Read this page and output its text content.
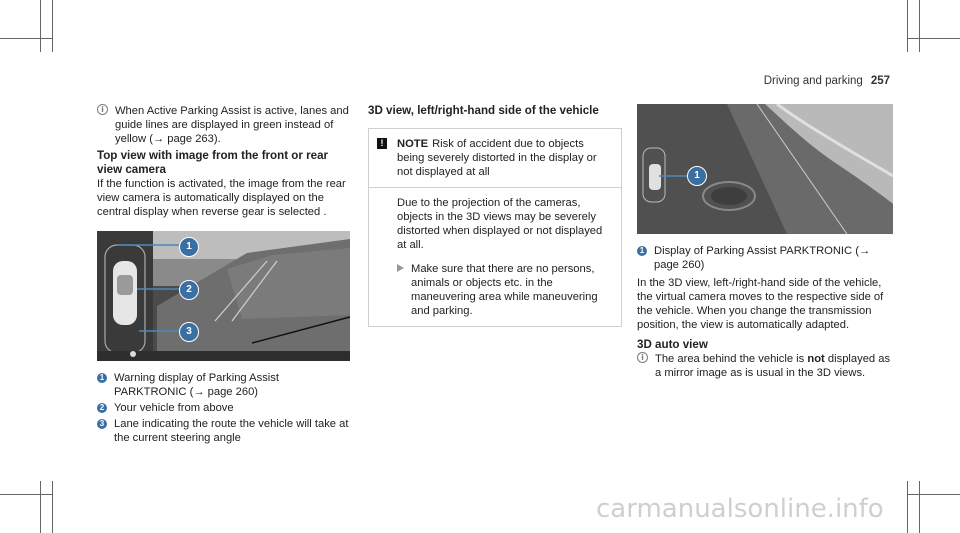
Driving and parking 257
i When Active Parking Assist is active, lanes and guide lines are displayed in green instead of yellow (→ page 263).
Top view with image from the front or rear view camera

If the function is activated, the image from the rear view camera is automatically displayed on the central display when reverse gear is selected .

1
2
3
1 Warning display of Parking Assist PARKTRONIC (→ page 260)
2 Your vehicle from above
3 Lane indicating the route the vehicle will take at the current steering angle
3D view, left/right-hand side of the vehicle
!	NOTE Risk of accident due to objects being severely distorted in the display or not displayed at all

Due to the projection of the cameras, objects in the 3D views may be severely distorted when displayed or not displayed at all.

Make sure that there are no persons, animals or objects etc. in the maneuvering area while maneuvering and parking.
1
1 Display of Parking Assist PARKTRONIC (→ page 260)

In the 3D view, left-/right-hand side of the vehicle, the virtual camera moves to the respective side of the vehicle. When you change the transmission position, the view is automatically adapted.

3D auto view
i The area behind the vehicle is not displayed as a mirror image as is usual in the 3D views.
carmanualsonline.info
